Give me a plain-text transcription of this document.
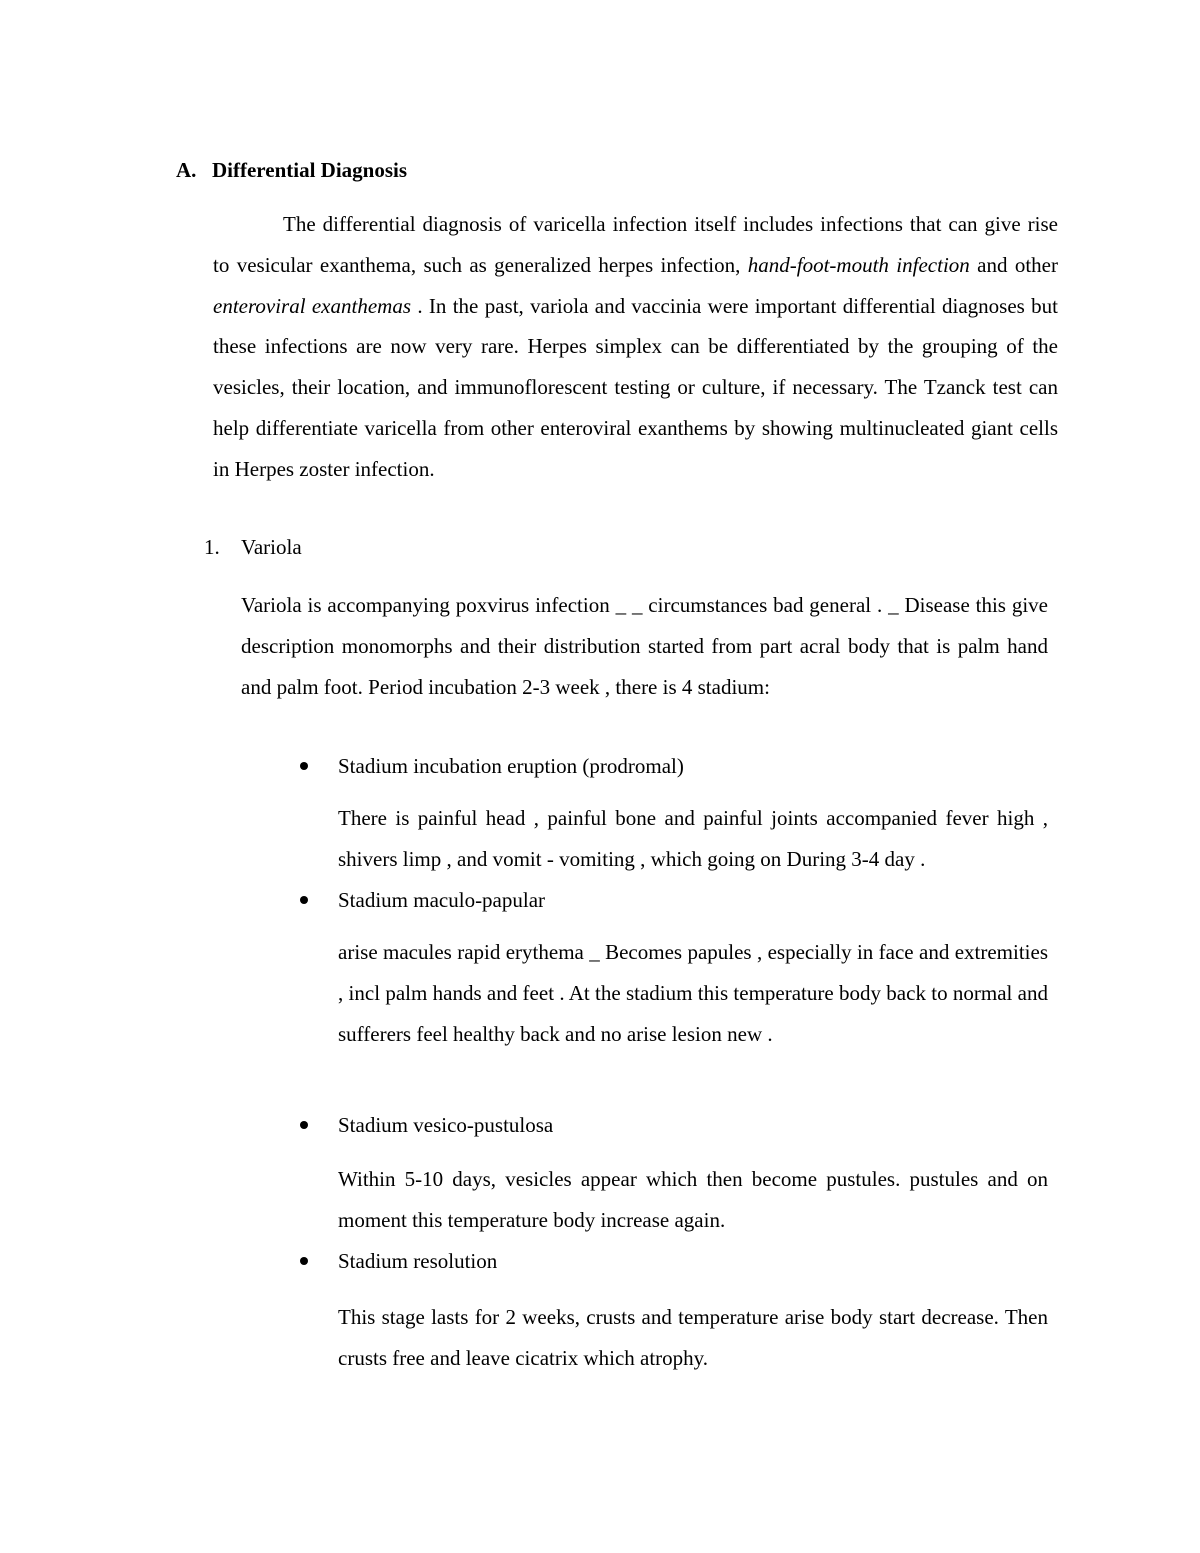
A. Differential Diagnosis

The differential diagnosis of varicella infection itself includes infections that can give rise to vesicular exanthema, such as generalized herpes infection, hand-foot-mouth infection and other enteroviral exanthemas . In the past, variola and vaccinia were important differential diagnoses but these infections are now very rare. Herpes simplex can be differentiated by the grouping of the vesicles, their location, and immunoflorescent testing or culture, if necessary. The Tzanck test can help differentiate varicella from other enteroviral exanthems by showing multinucleated giant cells in Herpes zoster infection.

1. Variola

Variola is accompanying poxvirus infection _ _ circumstances bad general . _ Disease this give description monomorphs and their distribution started from part acral body that is palm hand and palm foot. Period incubation 2-3 week , there is 4 stadium:

Stadium incubation eruption (prodromal)

There is painful head , painful bone and painful joints accompanied fever high , shivers limp , and vomit - vomiting , which going on During 3-4 day .

Stadium maculo-papular

arise macules rapid erythema _ Becomes papules , especially in face and extremities , incl palm hands and feet . At the stadium this temperature body back to normal and sufferers feel healthy back and no arise lesion new .

Stadium vesico-pustulosa

Within 5-10 days, vesicles appear which then become pustules. pustules and on moment this temperature body increase again.

Stadium resolution

This stage lasts for 2 weeks, crusts and temperature arise body start decrease. Then crusts free and leave cicatrix which atrophy.
